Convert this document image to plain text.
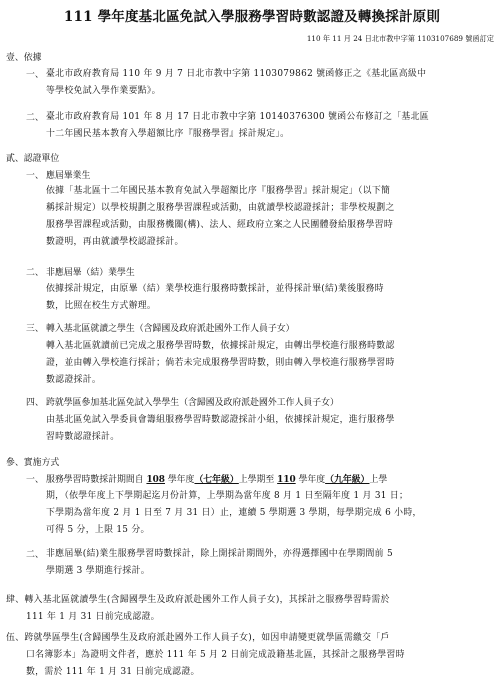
111 學年度基北區免試入學服務學習時數認證及轉換採計原則
110 年 11 月 24 日北市教中字第 1103107689 號函訂定
壹、依據
一、 臺北市政府教育局 110 年 9 月 7 日北市教中字第 1103079862 號函修正之《基北區高級中
等學校免試入學作業要點》。
二、 臺北市政府教育局 101 年 8 月 17 日北市教中字第 10140376300 號函公布修訂之「基北區
十二年國民基本教育入學超額比序『服務學習』採計規定」。
貳、認證單位
一、 應屆畢業生
依據「基北區十二年國民基本教育免試入學超額比序『服務學習』採計規定」（以下簡
稱採計規定）以學校規劃之服務學習課程或活動，由就讀學校認證採計；非學校規劃之
服務學習課程或活動，由服務機關(構)、法人、經政府立案之人民團體發給服務學習時
數證明，再由就讀學校認證採計。
二、 非應屆畢（結）業學生
依據採計規定，由原畢（結）業學校進行服務時數採計，並得採計畢(結)業後服務時
數，比照在校生方式辦理。
三、 轉入基北區就讀之學生（含歸國及政府派赴國外工作人員子女）
轉入基北區就讀前已完成之服務學習時數，依據採計規定，由轉出學校進行服務時數認
證，並由轉入學校進行採計；倘若未完成服務學習時數，則由轉入學校進行服務學習時
數認證採計。
四、 跨就學區參加基北區免試入學學生（含歸國及政府派赴國外工作人員子女）
由基北區免試入學委員會籌組服務學習時數認證採計小組，依據採計規定，進行服務學
習時數認證採計。
參、實施方式
一、 服務學習時數採計期間自 108 學年度（七年級）上學期至 110 學年度（九年級）上學
期，（依學年度上下學期起迄月份計算，上學期為當年度 8 月 1 日至隔年度 1 月 31 日；
下學期為當年度 2 月 1 日至 7 月 31 日）止，連續 5 學期選 3 學期，每學期完成 6 小時，
可得 5 分，上限 15 分。
二、 非應屆畢(結)業生服務學習時數採計，除上開採計期間外，亦得選擇國中在學期間前 5
學期選 3 學期進行採計。
肆、轉入基北區就讀學生(含歸國學生及政府派赴國外工作人員子女)，其採計之服務學習時需於
111 年 1 月 31 日前完成認證。
伍、跨就學區學生(含歸國學生及政府派赴國外工作人員子女)，如因申請變更就學區需繳交「戶
口名簿影本」為證明文件者，應於 111 年 5 月 2 日前完成設籍基北區，其採計之服務學習時
數，需於 111 年 1 月 31 日前完成認證。
